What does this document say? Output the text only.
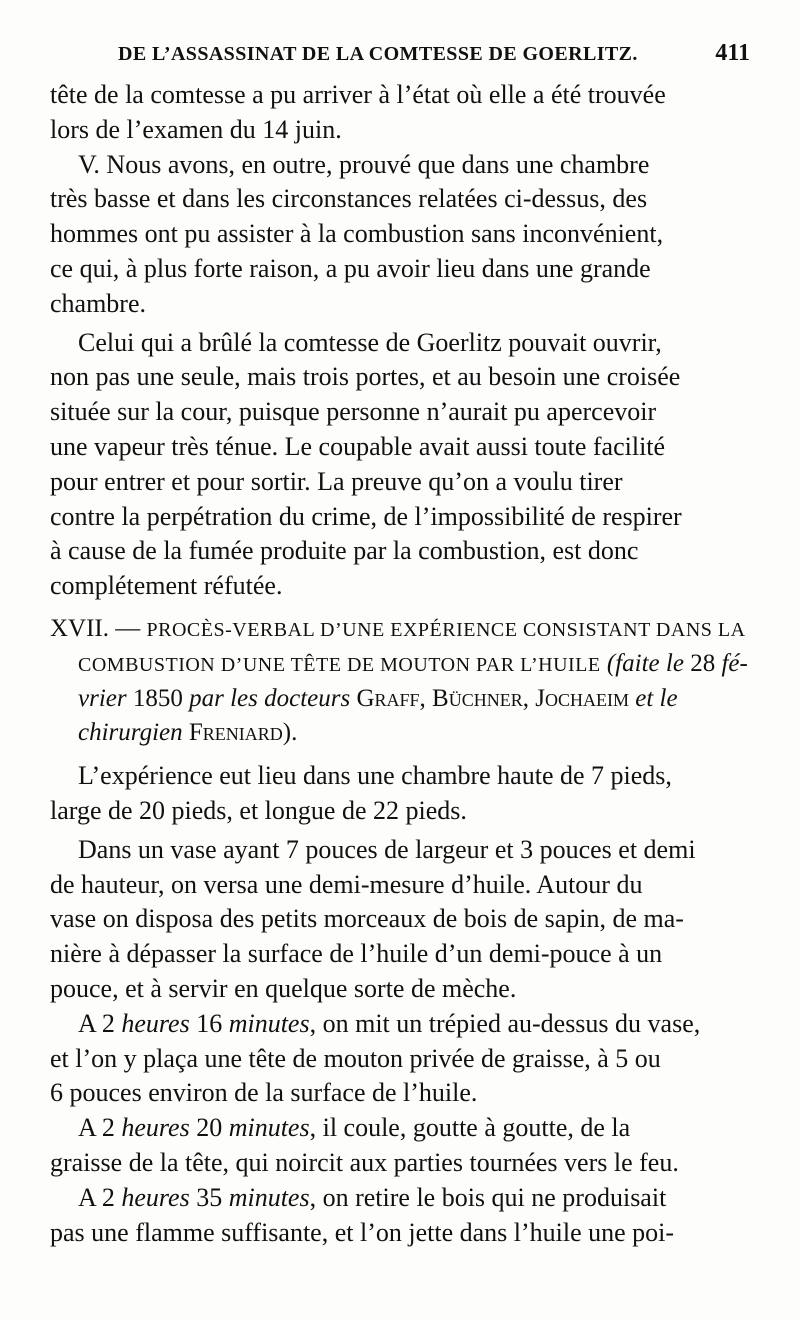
DE L’ASSASSINAT DE LA COMTESSE DE GOERLITZ.	411
tête de la comtesse a pu arriver à l’état où elle a été trouvée
lors de l’examen du 14 juin.
V. Nous avons, en outre, prouvé que dans une chambre
très basse et dans les circonstances relatées ci-dessus, des
hommes ont pu assister à la combustion sans inconvénient,
ce qui, à plus forte raison, a pu avoir lieu dans une grande
chambre.
Celui qui a brûlé la comtesse de Goerlitz pouvait ouvrir,
non pas une seule, mais trois portes, et au besoin une croisée
située sur la cour, puisque personne n’aurait pu apercevoir
une vapeur très ténue. Le coupable avait aussi toute facilité
pour entrer et pour sortir. La preuve qu’on a voulu tirer
contre la perpétration du crime, de l’impossibilité de respirer
à cause de la fumée produite par la combustion, est donc
complétement réfutée.
XVII. — PROCÈS-VERBAL D’UNE EXPÉRIENCE CONSISTANT DANS LA
COMBUSTION D’UNE TÊTE DE MOUTON PAR L’HUILE (faite le 28 fé-
vrier 1850 par les docteurs Graff, Büchner, Jochaeim et le
chirurgien Freniard).
L’expérience eut lieu dans une chambre haute de 7 pieds,
large de 20 pieds, et longue de 22 pieds.
Dans un vase ayant 7 pouces de largeur et 3 pouces et demi
de hauteur, on versa une demi-mesure d’huile. Autour du
vase on disposa des petits morceaux de bois de sapin, de ma-
nière à dépasser la surface de l’huile d’un demi-pouce à un
pouce, et à servir en quelque sorte de mèche.
A 2 heures 16 minutes, on mit un trépied au-dessus du vase,
et l’on y plaça une tête de mouton privée de graisse, à 5 ou
6 pouces environ de la surface de l’huile.
A 2 heures 20 minutes, il coule, goutte à goutte, de la
graisse de la tête, qui noircit aux parties tournées vers le feu.
A 2 heures 35 minutes, on retire le bois qui ne produisait
pas une flamme suffisante, et l’on jette dans l’huile une poi-
